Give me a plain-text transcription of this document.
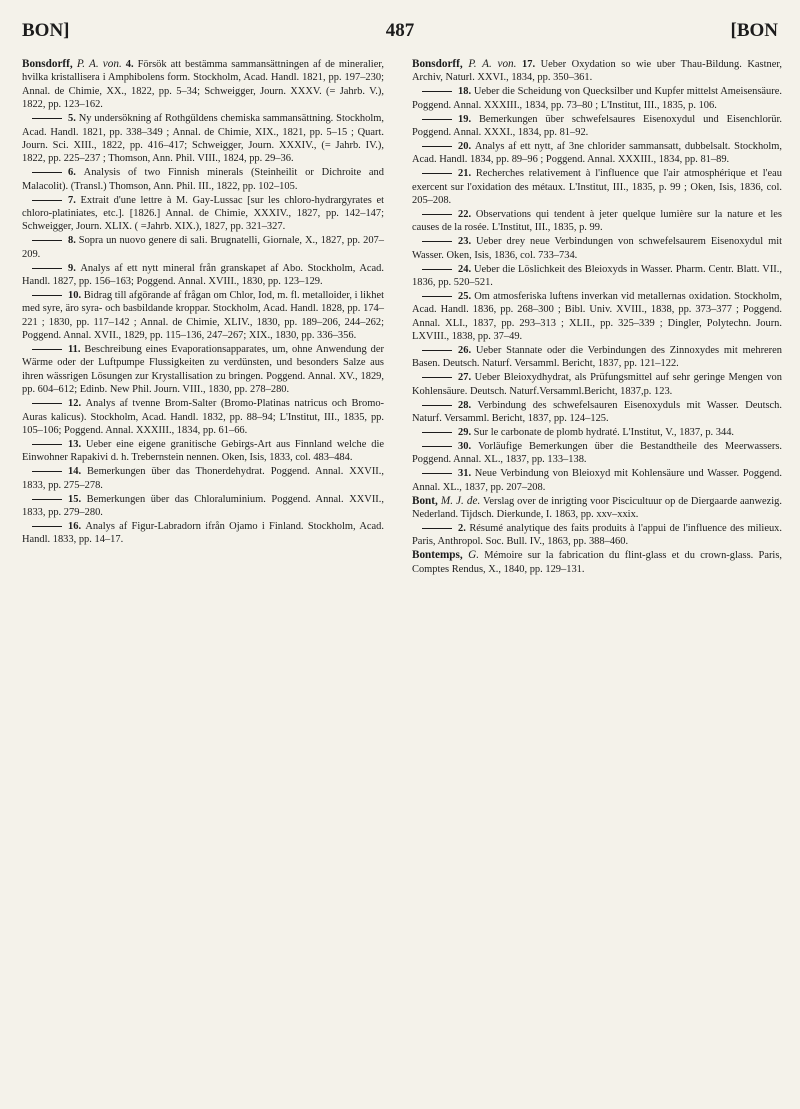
BON]	487	[BON
Bonsdorff, P. A. von. 4. Försök att bestämma sammansättningen af de mineralier, hvilka kristallisera i Amphibolens form. Stockholm, Acad. Handl. 1821, pp. 197–230; Annal. de Chimie, XX., 1822, pp. 5–34; Schweigger, Journ. XXXV. (= Jahrb. V.), 1822, pp. 123–162.
5. Ny undersökning af Rothgüldens chemiska sammansättning. Stockholm, Acad. Handl. 1821, pp. 338–349 ; Annal. de Chimie, XIX., 1821, pp. 5–15 ; Quart. Journ. Sci. XIII., 1822, pp. 416–417; Schweigger, Journ. XXXIV., (= Jahrb. IV.), 1822, pp. 225–237 ; Thomson, Ann. Phil. VIII., 1824, pp. 29–36.
6. Analysis of two Finnish minerals (Steinheilit or Dichroite and Malacolit). (Transl.) Thomson, Ann. Phil. III., 1822, pp. 102–105.
7. Extrait d'une lettre à M. Gay-Lussac [sur les chloro-hydrargyrates et chloro-platiniates, etc.]. [1826.] Annal. de Chimie, XXXIV., 1827, pp. 142–147; Schweigger, Journ. XLIX. ( =Jahrb. XIX.), 1827, pp. 321–327.
8. Sopra un nuovo genere di sali. Brugnatelli, Giornale, X., 1827, pp. 207–209.
9. Analys af ett nytt mineral från granskapet af Abo. Stockholm, Acad. Handl. 1827, pp. 156–163; Poggend. Annal. XVIII., 1830, pp. 123–129.
10. Bidrag till afgörande af frågan om Chlor, Iod, m. fl. metalloider, i likhet med syre, äro syra- och basbildande kroppar. Stockholm, Acad. Handl. 1828, pp. 174–221 ; 1830, pp. 117–142 ; Annal. de Chimie, XLIV., 1830, pp. 189–206, 244–262; Poggend. Annal. XVII., 1829, pp. 115–136, 247–267; XIX., 1830, pp. 336–356.
11. Beschreibung eines Evaporationsapparates, um, ohne Anwendung der Wärme oder der Luftpumpe Flussigkeiten zu verdünsten, und besonders Salze aus ihren wässrigen Lösungen zur Krystallisation zu bringen. Poggend. Annal. XV., 1829, pp. 604–612; Edinb. New Phil. Journ. VIII., 1830, pp. 278–280.
12. Analys af tvenne Brom-Salter (Bromo-Platinas natricus och Bromo-Auras kalicus). Stockholm, Acad. Handl. 1832, pp. 88–94; L'Institut, III., 1835, pp. 105–106; Poggend. Annal. XXXIII., 1834, pp. 61–66.
13. Ueber eine eigene granitische Gebirgs-Art aus Finnland welche die Einwohner Rapakivi d. h. Trebernstein nennen. Oken, Isis, 1833, col. 483–484.
14. Bemerkungen über das Thonerdehydrat. Poggend. Annal. XXVII., 1833, pp. 275–278.
15. Bemerkungen über das Chloraluminium. Poggend. Annal. XXVII., 1833, pp. 279–280.
16. Analys af Figur-Labradorn ifrån Ojamo i Finland. Stockholm, Acad. Handl. 1833, pp. 14–17.
Bonsdorff, P. A. von. 17. Ueber Oxydation so wie uber Thau-Bildung. Kastner, Archiv, Naturl. XXVI., 1834, pp. 350–361.
18. Ueber die Scheidung von Quecksilber und Kupfer mittelst Ameisensäure. Poggend. Annal. XXXIII., 1834, pp. 73–80 ; L'Institut, III., 1835, p. 106.
19. Bemerkungen über schwefelsaures Eisenoxydul und Eisenchlorür. Poggend. Annal. XXXI., 1834, pp. 81–92.
20. Analys af ett nytt, af 3ne chlorider sammansatt, dubbelsalt. Stockholm, Acad. Handl. 1834, pp. 89–96 ; Poggend. Annal. XXXIII., 1834, pp. 81–89.
21. Recherches relativement à l'influence que l'air atmosphérique et l'eau exercent sur l'oxidation des métaux. L'Institut, III., 1835, p. 99 ; Oken, Isis, 1836, col. 205–208.
22. Observations qui tendent à jeter quelque lumière sur la nature et les causes de la rosée. L'Institut, III., 1835, p. 99.
23. Ueber drey neue Verbindungen von schwefelsaurem Eisenoxydul mit Wasser. Oken, Isis, 1836, col. 733–734.
24. Ueber die Löslichkeit des Bleioxyds in Wasser. Pharm. Centr. Blatt. VII., 1836, pp. 520–521.
25. Om atmosferiska luftens inverkan vid metallernas oxidation. Stockholm, Acad. Handl. 1836, pp. 268–300 ; Bibl. Univ. XVIII., 1838, pp. 373–377 ; Poggend. Annal. XLI., 1837, pp. 293–313 ; XLII., pp. 325–339 ; Dingler, Polytechn. Journ. LXVIII., 1838, pp. 37–49.
26. Ueber Stannate oder die Verbindungen des Zinnoxydes mit mehreren Basen. Deutsch. Naturf. Versamml. Bericht, 1837, pp. 121–122.
27. Ueber Bleioxydhydrat, als Prüfungsmittel auf sehr geringe Mengen von Kohlensäure. Deutsch. Naturf.Versamml.Bericht, 1837,p. 123.
28. Verbindung des schwefelsauren Eisenoxyduls mit Wasser. Deutsch. Naturf. Versamml. Bericht, 1837, pp. 124–125.
29. Sur le carbonate de plomb hydraté. L'Institut, V., 1837, p. 344.
30. Vorläufige Bemerkungen über die Bestandtheile des Meerwassers. Poggend. Annal. XL., 1837, pp. 133–138.
31. Neue Verbindung von Bleioxyd mit Kohlensäure und Wasser. Poggend. Annal. XL., 1837, pp. 207–208.
Bont, M. J. de. Verslag over de inrigting voor Piscicultuur op de Diergaarde aanwezig. Nederland. Tijdsch. Dierkunde, I. 1863, pp. xxv–xxix.
2. Résumé analytique des faits produits à l'appui de l'influence des milieux. Paris, Anthropol. Soc. Bull. IV., 1863, pp. 388–460.
Bontemps, G. Mémoire sur la fabrication du flint-glass et du crown-glass. Paris, Comptes Rendus, X., 1840, pp. 129–131.
